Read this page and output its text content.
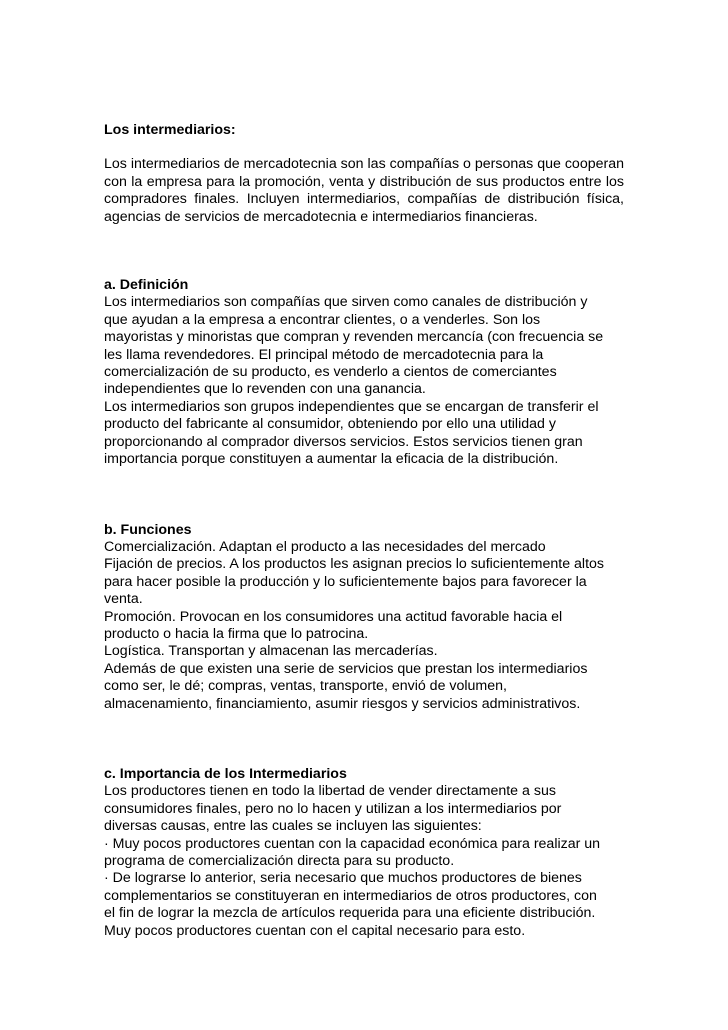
Los intermediarios:

Los intermediarios de mercadotecnia son las compañías o personas que cooperan con la empresa para la promoción, venta y distribución de sus productos entre los compradores finales. Incluyen intermediarios, compañías de distribución física, agencias de servicios de mercadotecnia e intermediarios financieras.

a. Definición

Los intermediarios son compañías que sirven como canales de distribución y
que ayudan a la empresa a encontrar clientes, o a venderles. Son los
mayoristas y minoristas que compran y revenden mercancía (con frecuencia se
les llama revendedores. El principal método de mercadotecnia para la
comercialización de su producto, es venderlo a cientos de comerciantes
independientes que lo revenden con una ganancia.
Los intermediarios son grupos independientes que se encargan de transferir el
producto del fabricante al consumidor, obteniendo por ello una utilidad y
proporcionando al comprador diversos servicios. Estos servicios tienen gran
importancia porque constituyen a aumentar la eficacia de la distribución.

b. Funciones

Comercialización. Adaptan el producto a las necesidades del mercado
Fijación de precios. A los productos les asignan precios lo suficientemente altos
para hacer posible la producción y lo suficientemente bajos para favorecer la
venta.
Promoción. Provocan en los consumidores una actitud favorable hacia el
producto o hacia la firma que lo patrocina.
Logística. Transportan y almacenan las mercaderías.
Además de que existen una serie de servicios que prestan los intermediarios
como ser, le dé; compras, ventas, transporte, envió de volumen,
almacenamiento, financiamiento, asumir riesgos y servicios administrativos.

c. Importancia de los Intermediarios

Los productores tienen en todo la libertad de vender directamente a sus
consumidores finales, pero no lo hacen y utilizan a los intermediarios por
diversas causas, entre las cuales se incluyen las siguientes:
· Muy pocos productores cuentan con la capacidad económica para realizar un
programa de comercialización directa para su producto.
· De lograrse lo anterior, seria necesario que muchos productores de bienes
complementarios se constituyeran en intermediarios de otros productores, con
el fin de lograr la mezcla de artículos requerida para una eficiente distribución.
Muy pocos productores cuentan con el capital necesario para esto.
